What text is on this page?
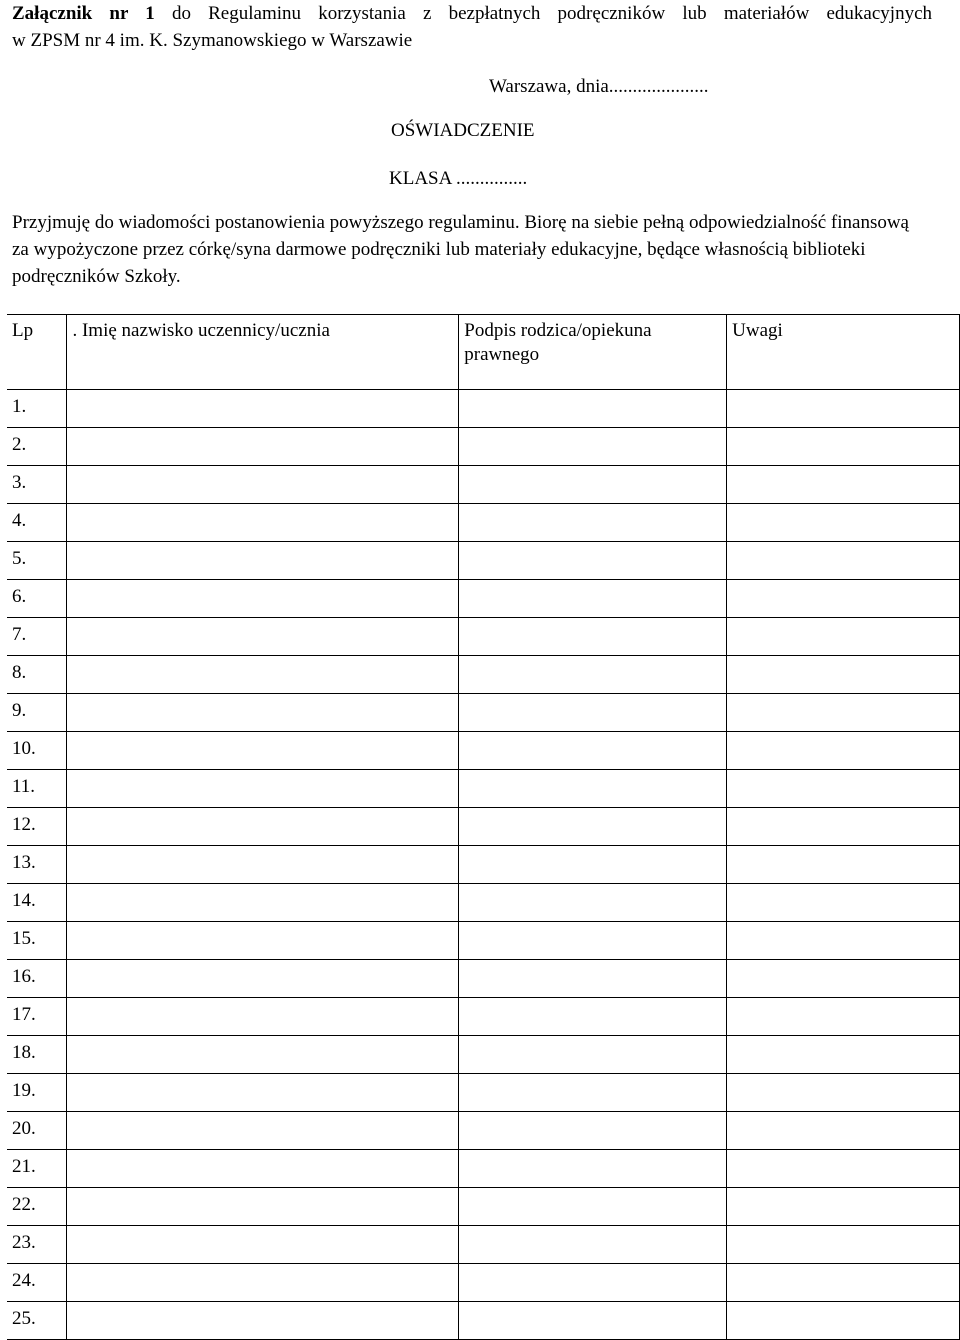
Załącznik nr 1 do Regulaminu korzystania z bezpłatnych podręczników lub materiałów edukacyjnych
w ZPSM nr 4 im. K. Szymanowskiego w Warszawie
Warszawa, dnia.....................
OŚWIADCZENIE
KLASA ...............
Przyjmuję do wiadomości postanowienia powyższego regulaminu. Biorę na siebie pełną odpowiedzialność finansową za wypożyczone przez córkę/syna darmowe podręczniki lub materiały edukacyjne, będące własnością biblioteki podręczników Szkoły.
Lp	. Imię nazwisko uczennicy/ucznia	Podpis rodzica/opiekuna prawnego	Uwagi
1.			
2.			
3.			
4.			
5.			
6.			
7.			
8.			
9.			
10.			
11.			
12.			
13.			
14.			
15.			
16.			
17.			
18.			
19.			
20.			
21.			
22.			
23.			
24.			
25.			
